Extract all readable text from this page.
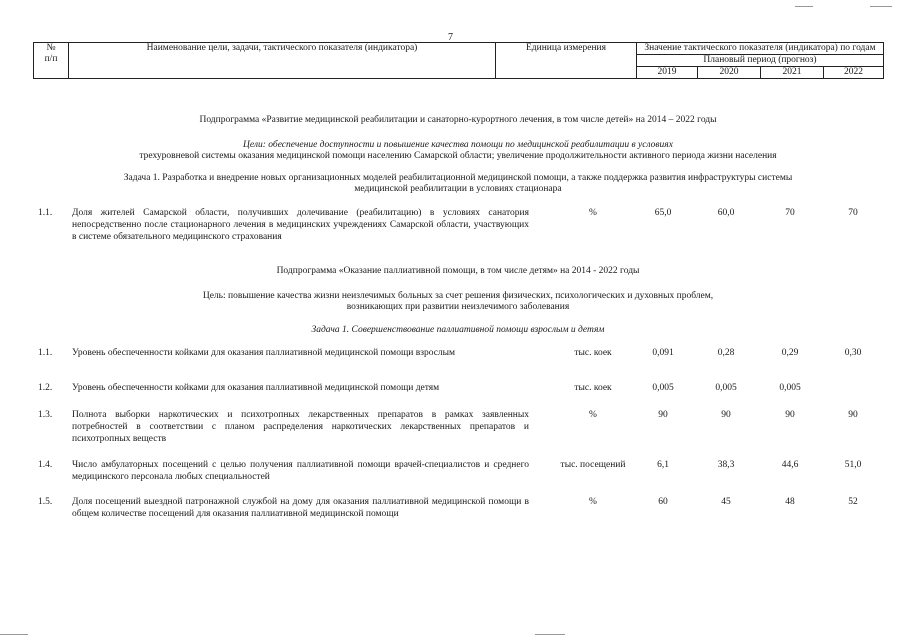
7
№
п/п	Наименование цели, задачи, тактического показателя (индикатора)	Единица измерения	Значение тактического показателя (индикатора) по годам			
			Плановый период (прогноз)			
			2019	2020	2021	2022
Подпрограмма «Развитие медицинской реабилитации и санаторно-курортного лечения, в том числе детей» на 2014 – 2022 годы
Цели: обеспечение доступности и повышение качества помощи по медицинской реабилитации в условиях
трехуровневой системы оказания медицинской помощи населению Самарской области; увеличение продолжительности активного периода жизни населения
Задача 1. Разработка и внедрение новых организационных моделей реабилитационной медицинской помощи, а также поддержка развития инфраструктуры системы
медицинской реабилитации в условиях стационара
1.1. Доля жителей Самарской области, получивших долечивание (реабилитацию) в условиях санатория непосредственно после стационарного лечения в медицинских учреждениях Самарской области, участвующих в системе обязательного медицинского страхования
%	65,0	60,0	70	70
Подпрограмма «Оказание паллиативной помощи, в том числе детям» на 2014 - 2022 годы
Цель: повышение качества жизни неизлечимых больных за счет решения физических, психологических и духовных проблем,
возникающих при развитии неизлечимого заболевания
Задача 1. Совершенствование паллиативной помощи взрослым и детям
1.1. Уровень обеспеченности койками для оказания паллиативной медицинской помощи взрослым	тыс. коек	0,091	0,28	0,29	0,30
1.2. Уровень обеспеченности койками для оказания паллиативной медицинской помощи детям	тыс. коек	0,005	0,005	0,005
1.3. Полнота выборки наркотических и психотропных лекарственных препаратов в рамках заявленных потребностей в соответствии с планом распределения наркотических лекарственных препаратов и психотропных веществ
%	90	90	90	90
1.4. Число амбулаторных посещений с целью получения паллиативной помощи врачей-специалистов и среднего медицинского персонала любых специальностей
тыс. посещений	6,1	38,3	44,6	51,0
1.5. Доля посещений выездной патронажной службой на дому для оказания паллиативной медицинской помощи в общем количестве посещений для оказания паллиативной медицинской помощи
%	60	45	48	52
